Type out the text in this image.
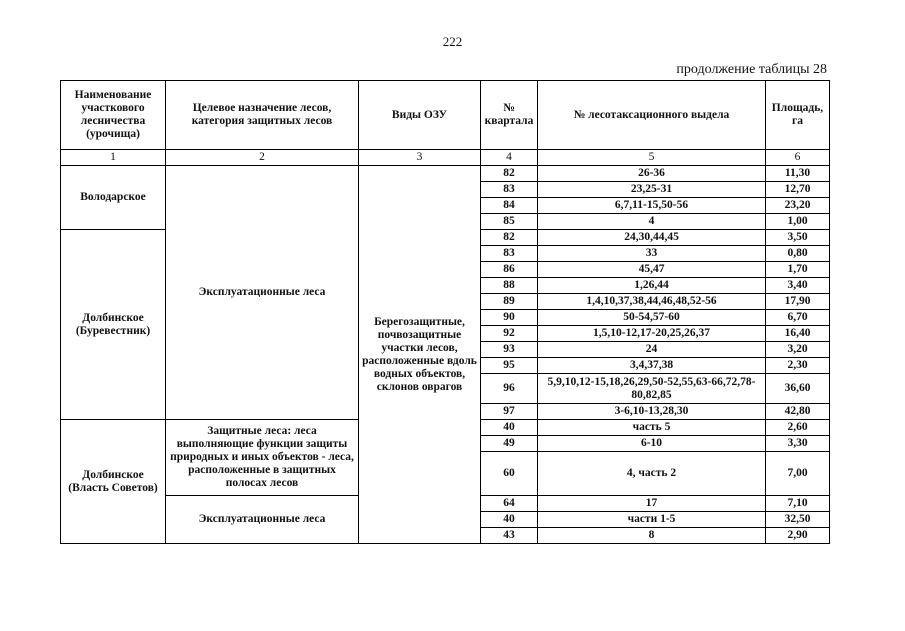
222
продолжение таблицы 28
Наименование участкового лесничества (урочища)	Целевое назначение лесов, категория защитных лесов	Виды ОЗУ	№ квартала	№ лесотаксационного выдела	Площадь, га
1	2	3	4	5	6
Володарское	Эксплуатационные леса	Берегозащитные, почвозащитные участки лесов, расположенные вдоль водных объектов, склонов оврагов	82	26-36	11,30
			83	23,25-31	12,70
			84	6,7,11-15,50-56	23,20
			85	4	1,00
Долбинское (Буревестник)			82	24,30,44,45	3,50
			83	33	0,80
			86	45,47	1,70
			88	1,26,44	3,40
			89	1,4,10,37,38,44,46,48,52-56	17,90
			90	50-54,57-60	6,70
			92	1,5,10-12,17-20,25,26,37	16,40
			93	24	3,20
			95	3,4,37,38	2,30
			96	5,9,10,12-15,18,26,29,50-52,55,63-66,72,78-80,82,85	36,60
			97	3-6,10-13,28,30	42,80
Долбинское (Власть Советов)	Защитные леса: леса выполняющие функции защиты природных и иных объектов - леса, расположенные в защитных полосах лесов		40	часть 5	2,60
			49	6-10	3,30
			60	4, часть 2	7,00
	Эксплуатационные леса		64	17	7,10
			40	части 1-5	32,50
			43	8	2,90
